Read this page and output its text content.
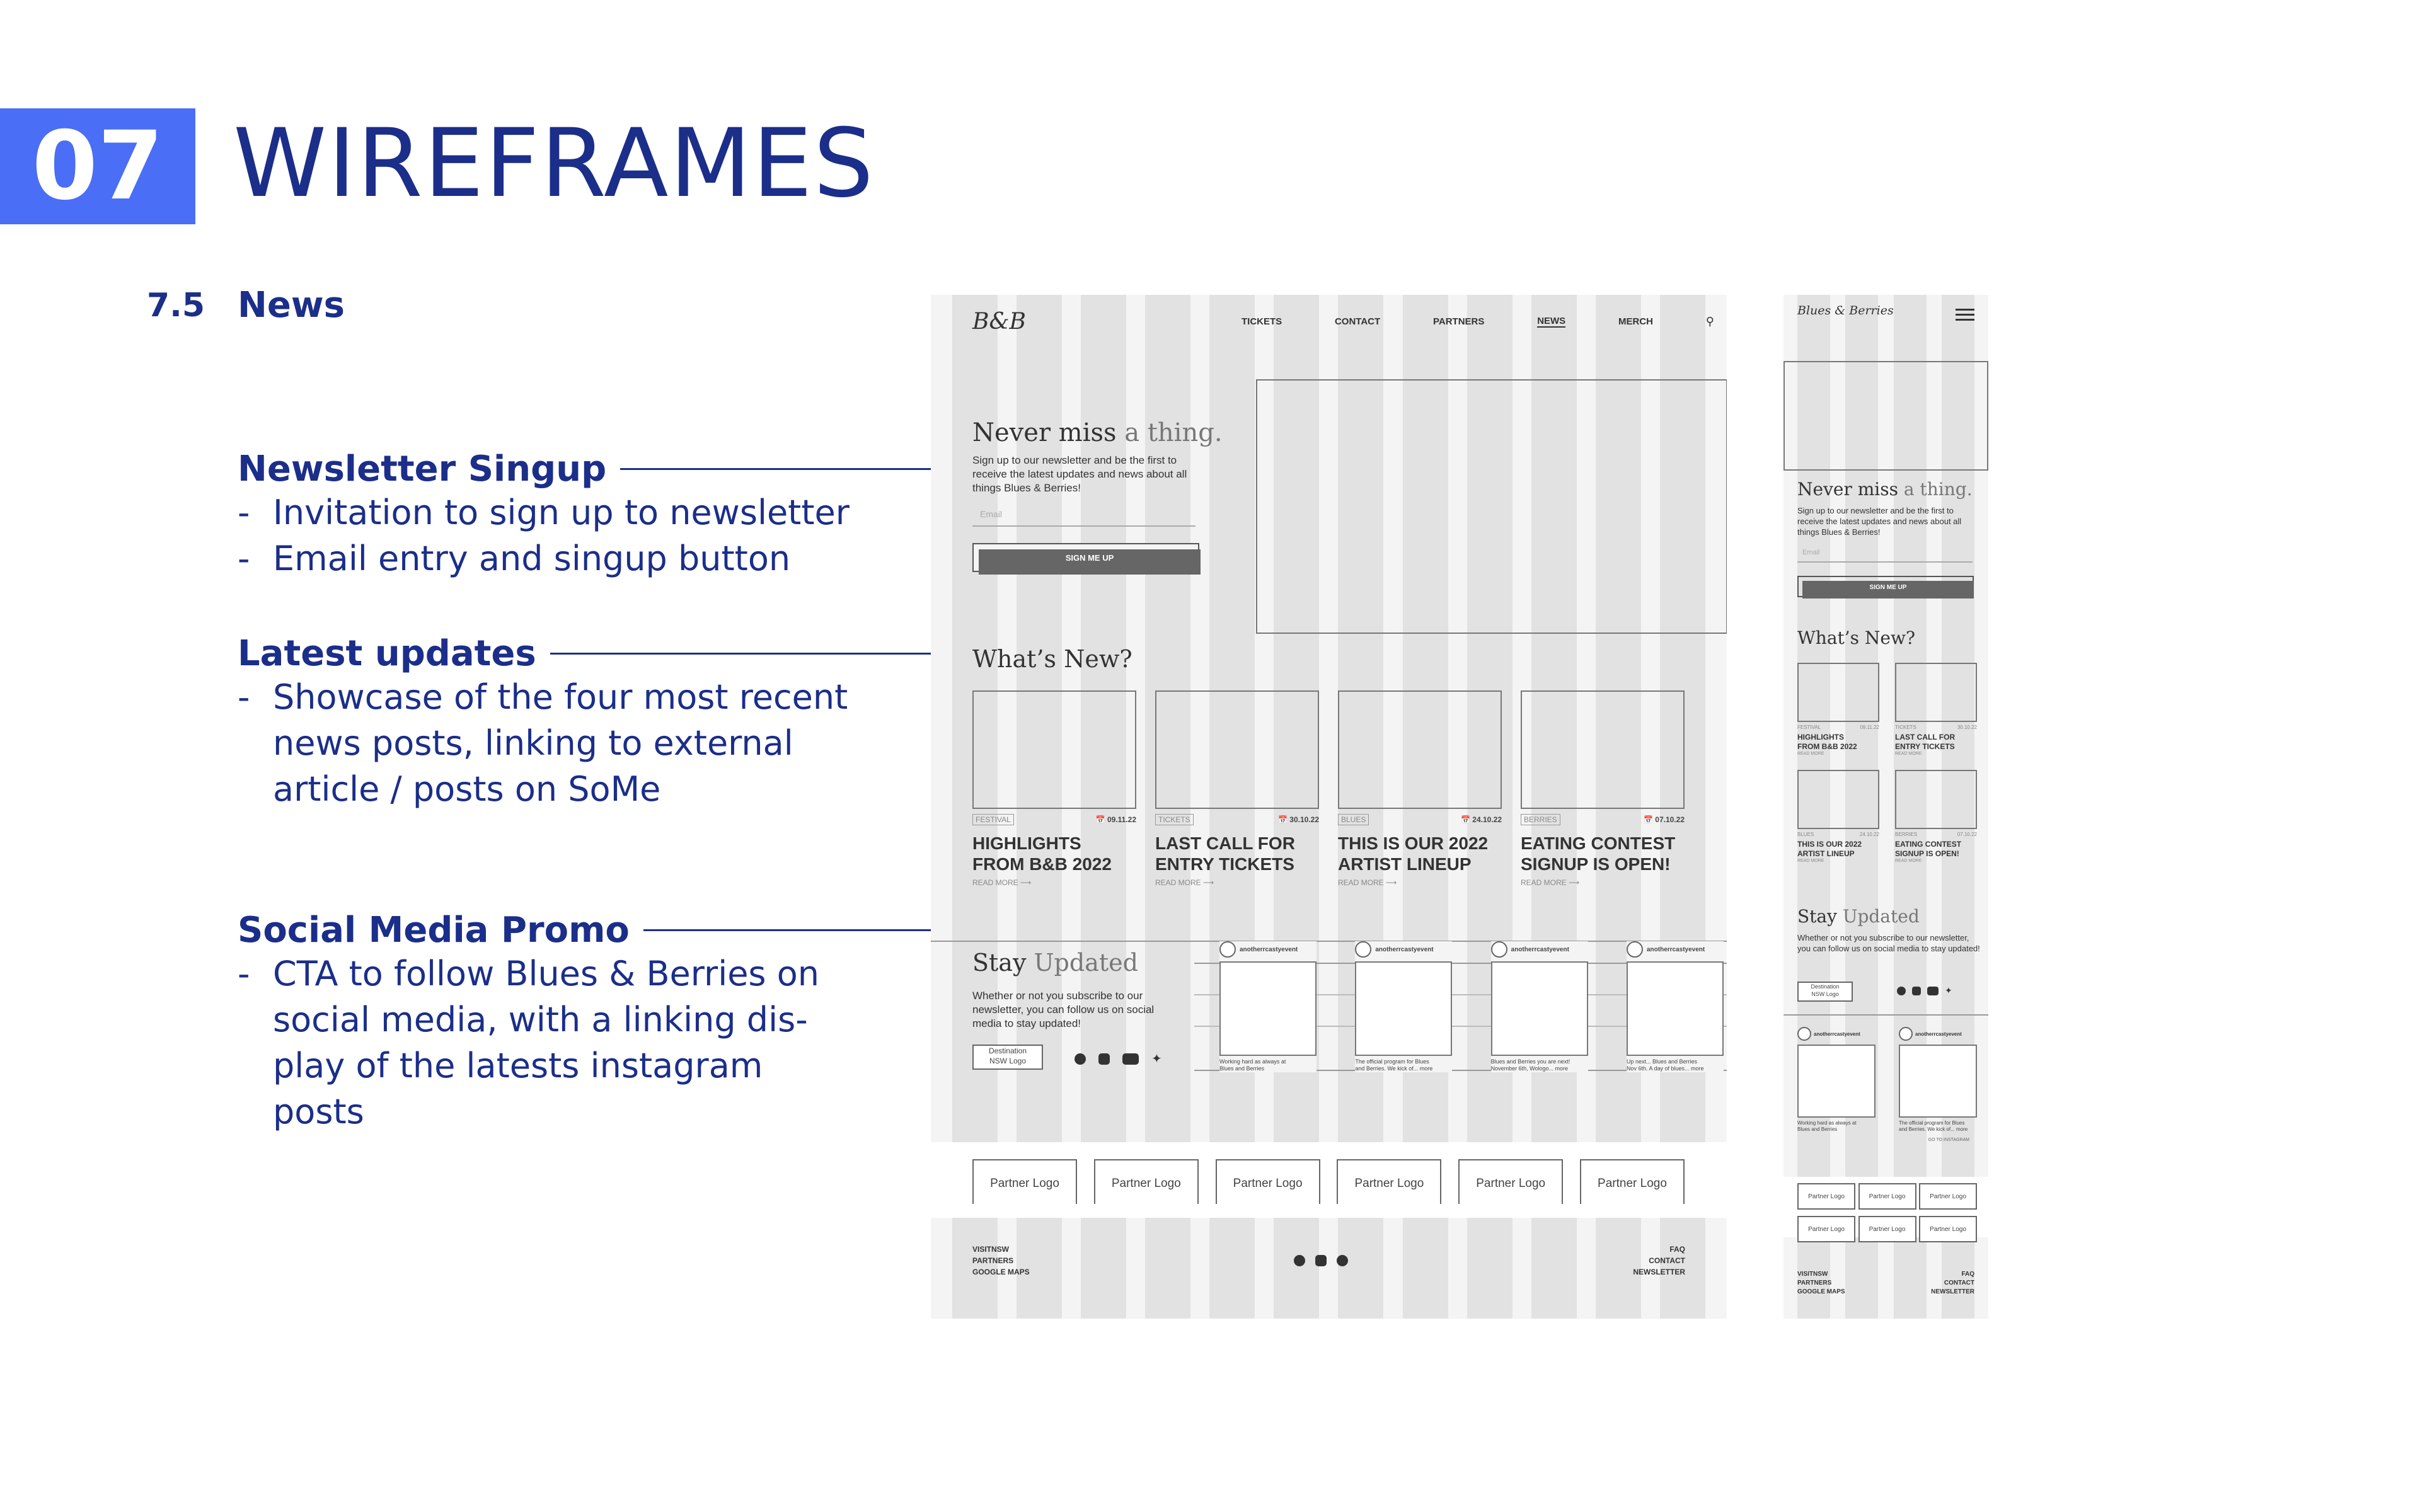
07 WIREFRAMES
7.5 News
Newsletter Singup
- Invitation to sign up to newsletter
- Email entry and singup button
Latest updates
- Showcase of the four most recent
news posts, linking to external
article / posts on SoMe
Social Media Promo
- CTA to follow Blues & Berries on
social media, with a linking dis-
play of the latests instagram
posts
B&B	TICKETS	CONTACT	PARTNERS	NEWS	MERCH	⚲
Never miss a thing.
Sign up to our newsletter and be the first to receive the latest updates and news about all things Blues & Berries!
Email
SIGN ME UP
What’s New?
FESTIVAL	📅 09.11.22
HIGHLIGHTS
FROM B&B 2022
READ MORE ⟶
TICKETS	📅 30.10.22
LAST CALL FOR
ENTRY TICKETS
READ MORE ⟶
BLUES	📅 24.10.22
THIS IS OUR 2022
ARTIST LINEUP
READ MORE ⟶
BERRIES	📅 07.10.22
EATING CONTEST
SIGNUP IS OPEN!
READ MORE ⟶
Stay Updated
Whether or not you subscribe to our newsletter, you can follow us on social media to stay updated!
Destination
NSW Logo	✦
anotherrcastyevent
Working hard as always at
Blues and Berries
anotherrcastyevent
The official program for Blues
and Berries. We kick of... more
anotherrcastyevent
Blues and Berries you are next!
November 6th, Wologo... more
anotherrcastyevent
Up next... Blues and Berries
Nov 6th. A day of blues... more
Partner Logo	Partner Logo	Partner Logo	Partner Logo	Partner Logo	Partner Logo
VISITNSW
PARTNERS
GOOGLE MAPS
FAQ
CONTACT
NEWSLETTER
Blues & Berries
Never miss a thing.
Sign up to our newsletter and be the first to receive the latest updates and news about all things Blues & Berries!
Email
SIGN ME UP
What’s New?
FESTIVAL	09.11.22
HIGHLIGHTS
FROM B&B 2022
READ MORE
TICKETS	30.10.22
LAST CALL FOR
ENTRY TICKETS
READ MORE
BLUES	24.10.22
THIS IS OUR 2022
ARTIST LINEUP
READ MORE
BERRIES	07.10.22
EATING CONTEST
SIGNUP IS OPEN!
READ MORE
Stay Updated
Whether or not you subscribe to our newsletter, you can follow us on social media to stay updated!
Destination
NSW Logo	✦
anotherrcastyevent
Working hard as always at
Blues and Berries
anotherrcastyevent
The official program for Blues
and Berries. We kick of... more
GO TO INSTAGRAM
Partner Logo	Partner Logo	Partner Logo
Partner Logo	Partner Logo	Partner Logo
VISITNSW
PARTNERS
GOOGLE MAPS
FAQ
CONTACT
NEWSLETTER
